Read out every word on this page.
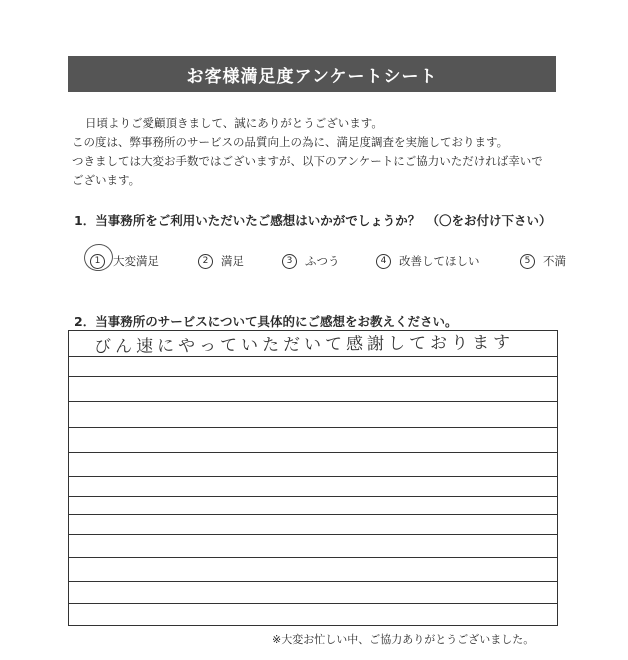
お客様満足度アンケートシート
日頃よりご愛顧頂きまして、誠にありがとうございます。
この度は、弊事務所のサービスの品質向上の為に、満足度調査を実施しております。
つきましては大変お手数ではございますが、以下のアンケートにご協力いただければ幸いで
ございます。
1．当事務所をご利用いただいたご感想はいかがでしょうか？　（〇をお付け下さい）
1	大変満足	2	満足	3	ふつう	4	改善してほしい	5	不満
2．当事務所のサービスについて具体的にご感想をお教えください。
びん速にやっていただいて感謝しております
※大変お忙しい中、ご協力ありがとうございました。
